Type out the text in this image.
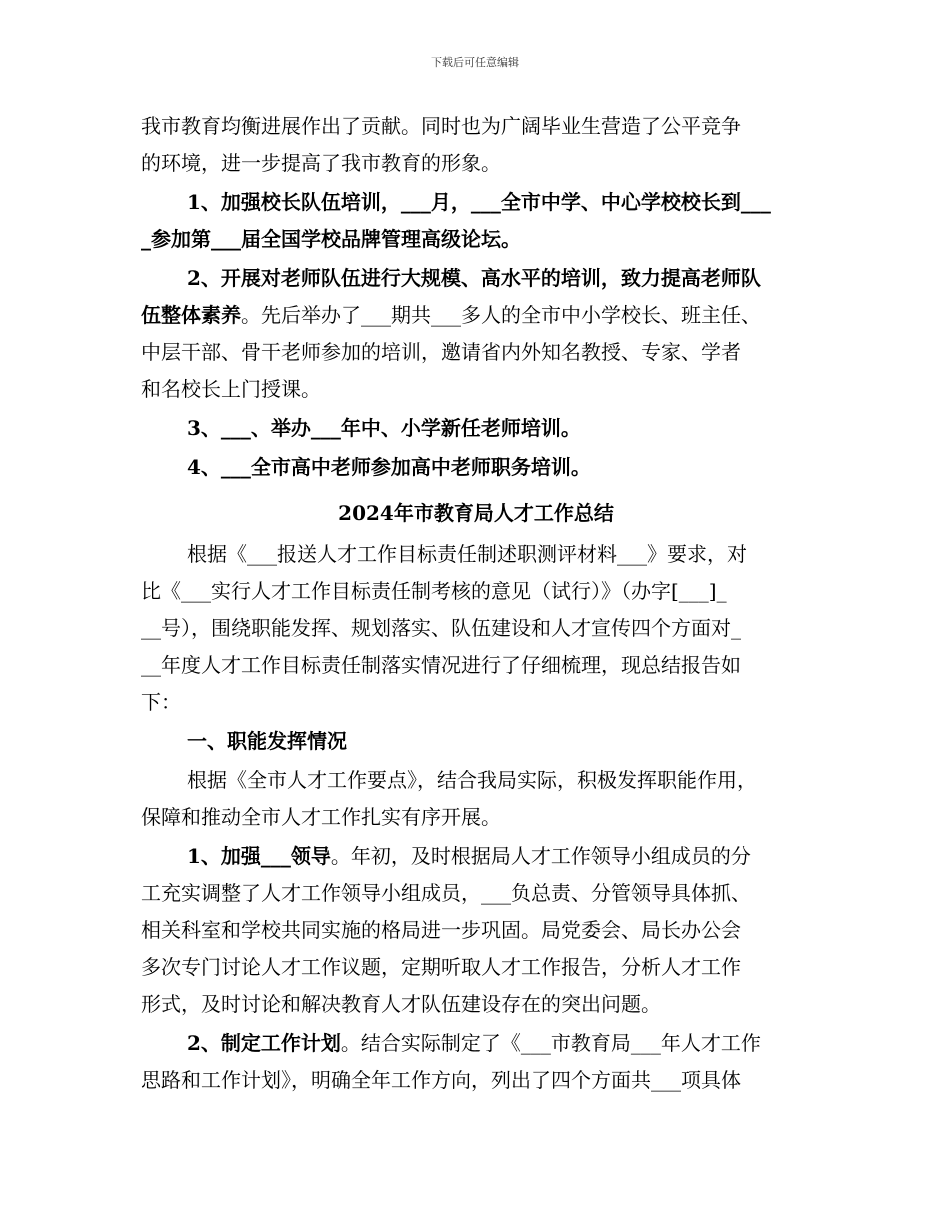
下载后可任意编辑
我市教育均衡进展作出了贡献。同时也为广阔毕业生营造了公平竞争
的环境，进一步提高了我市教育的形象。
1、加强校长队伍培训，___月，___全市中学、中心学校校长到___
_参加第___届全国学校品牌管理高级论坛。
2、开展对老师队伍进行大规模、高水平的培训，致力提高老师队
伍整体素养。先后举办了___期共___多人的全市中小学校长、班主任、
中层干部、骨干老师参加的培训，邀请省内外知名教授、专家、学者
和名校长上门授课。
3、___、举办___年中、小学新任老师培训。
4、___全市高中老师参加高中老师职务培训。
2024年市教育局人才工作总结
根据《___报送人才工作目标责任制述职测评材料___》要求，对
比《___实行人才工作目标责任制考核的意见（试行）》（办字[___]_
__号），围绕职能发挥、规划落实、队伍建设和人才宣传四个方面对_
__年度人才工作目标责任制落实情况进行了仔细梳理，现总结报告如
下：
一、职能发挥情况
根据《全市人才工作要点》，结合我局实际，积极发挥职能作用，
保障和推动全市人才工作扎实有序开展。
1、加强___领导。年初，及时根据局人才工作领导小组成员的分
工充实调整了人才工作领导小组成员，___负总责、分管领导具体抓、
相关科室和学校共同实施的格局进一步巩固。局党委会、局长办公会
多次专门讨论人才工作议题，定期听取人才工作报告，分析人才工作
形式，及时讨论和解决教育人才队伍建设存在的突出问题。
2、制定工作计划。结合实际制定了《___市教育局___年人才工作
思路和工作计划》，明确全年工作方向，列出了四个方面共___项具体
